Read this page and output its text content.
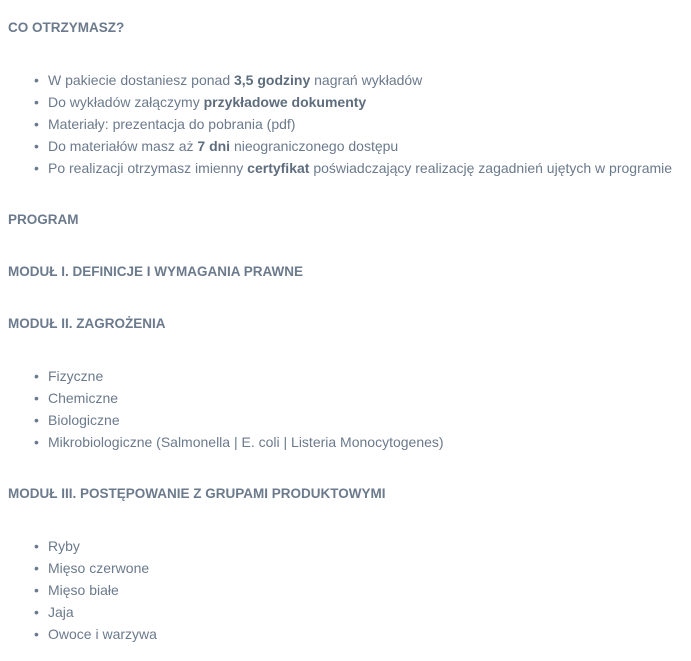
CO OTRZYMASZ?
• W pakiecie dostaniesz ponad 3,5 godziny nagrań wykładów
• Do wykładów załączymy przykładowe dokumenty
• Materiały: prezentacja do pobrania (pdf)
• Do materiałów masz aż 7 dni nieograniczonego dostępu
• Po realizacji otrzymasz imienny certyfikat poświadczający realizację zagadnień ujętych w programie
PROGRAM
MODUŁ I. DEFINICJE I WYMAGANIA PRAWNE
MODUŁ II. ZAGROŻENIA
• Fizyczne
• Chemiczne
• Biologiczne
• Mikrobiologiczne (Salmonella | E. coli | Listeria Monocytogenes)
MODUŁ III. POSTĘPOWANIE Z GRUPAMI PRODUKTOWYMI
• Ryby
• Mięso czerwone
• Mięso białe
• Jaja
• Owoce i warzywa
